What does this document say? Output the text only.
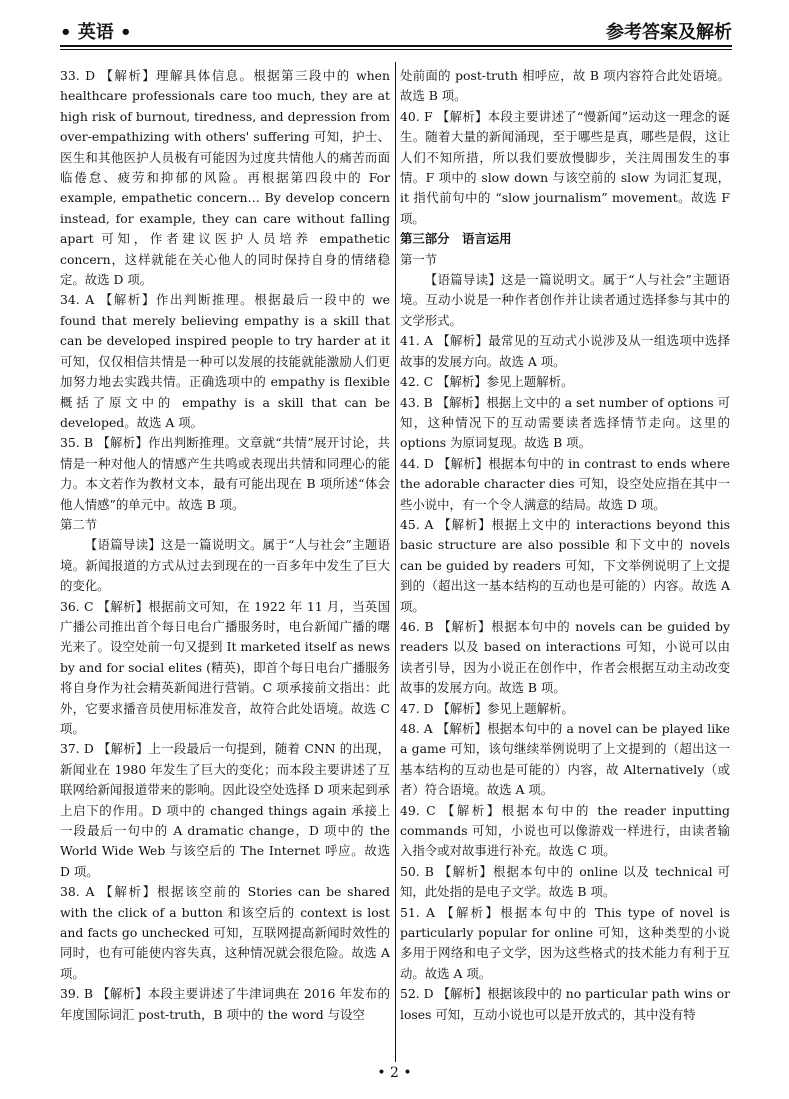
• 英语 •	参考答案及解析

33. D 【解析】理解具体信息。根据第三段中的 when healthcare professionals care too much, they are at high risk of burnout, tiredness, and depression from over-empathizing with others' suffering 可知，护士、医生和其他医护人员极有可能因为过度共情他人的痛苦而面临倦怠、疲劳和抑郁的风险。再根据第四段中的 For example, empathetic concern… By develop concern instead, for example, they can care without falling apart 可知，作者建议医护人员培养 empathetic concern，这样就能在关心他人的同时保持自身的情绪稳定。故选 D 项。

34. A 【解析】作出判断推理。根据最后一段中的 we found that merely believing empathy is a skill that can be developed inspired people to try harder at it 可知，仅仅相信共情是一种可以发展的技能就能激励人们更加努力地去实践共情。正确选项中的 empathy is flexible 概括了原文中的 empathy is a skill that can be developed。故选 A 项。

35. B 【解析】作出判断推理。文章就“共情”展开讨论，共情是一种对他人的情感产生共鸣或表现出共情和同理心的能力。本文若作为教材文本，最有可能出现在 B 项所述“体会他人情感”的单元中。故选 B 项。

第二节

【语篇导读】这是一篇说明文。属于“人与社会”主题语境。新闻报道的方式从过去到现在的一百多年中发生了巨大的变化。

36. C 【解析】根据前文可知，在 1922 年 11 月，当英国广播公司推出首个每日电台广播服务时，电台新闻广播的曙光来了。设空处前一句又提到 It marketed itself as news by and for social elites (精英)，即首个每日电台广播服务将自身作为社会精英新闻进行营销。C 项承接前文指出：此外，它要求播音员使用标准发音，故符合此处语境。故选 C 项。

37. D 【解析】上一段最后一句提到，随着 CNN 的出现，新闻业在 1980 年发生了巨大的变化；而本段主要讲述了互联网给新闻报道带来的影响。因此设空处选择 D 项来起到承上启下的作用。D 项中的 changed things again 承接上一段最后一句中的 A dramatic change，D 项中的 the World Wide Web 与该空后的 The Internet 呼应。故选 D 项。

38. A 【解析】根据该空前的 Stories can be shared with the click of a button 和该空后的 context is lost and facts go unchecked 可知，互联网提高新闻时效性的同时，也有可能使内容失真，这种情况就会很危险。故选 A 项。

39. B 【解析】本段主要讲述了牛津词典在 2016 年发布的年度国际词汇 post-truth，B 项中的 the word 与设空

处前面的 post-truth 相呼应，故 B 项内容符合此处语境。故选 B 项。

40. F 【解析】本段主要讲述了“慢新闻”运动这一理念的诞生。随着大量的新闻涌现，至于哪些是真，哪些是假，这让人们不知所措，所以我们要放慢脚步，关注周围发生的事情。F 项中的 slow down 与该空前的 slow 为词汇复现，it 指代前句中的 “slow journalism” movement。故选 F 项。

第三部分　语言运用

第一节

【语篇导读】这是一篇说明文。属于“人与社会”主题语境。互动小说是一种作者创作并让读者通过选择参与其中的文学形式。

41. A 【解析】最常见的互动式小说涉及从一组选项中选择故事的发展方向。故选 A 项。

42. C 【解析】参见上题解析。

43. B 【解析】根据上文中的 a set number of options 可知，这种情况下的互动需要读者选择情节走向。这里的 options 为原词复现。故选 B 项。

44. D 【解析】根据本句中的 in contrast to ends where the adorable character dies 可知，设空处应指在其中一些小说中，有一个令人满意的结局。故选 D 项。

45. A 【解析】根据上文中的 interactions beyond this basic structure are also possible 和下文中的 novels can be guided by readers 可知，下文举例说明了上文提到的（超出这一基本结构的互动也是可能的）内容。故选 A 项。

46. B 【解析】根据本句中的 novels can be guided by readers 以及 based on interactions 可知，小说可以由读者引导，因为小说正在创作中，作者会根据互动主动改变故事的发展方向。故选 B 项。

47. D 【解析】参见上题解析。

48. A 【解析】根据本句中的 a novel can be played like a game 可知，该句继续举例说明了上文提到的（超出这一基本结构的互动也是可能的）内容，故 Alternatively（或者）符合语境。故选 A 项。

49. C 【解析】根据本句中的 the reader inputting commands 可知，小说也可以像游戏一样进行，由读者输入指令或对故事进行补充。故选 C 项。

50. B 【解析】根据本句中的 online 以及 technical 可知，此处指的是电子文学。故选 B 项。

51. A 【解析】根据本句中的 This type of novel is particularly popular for online 可知，这种类型的小说多用于网络和电子文学，因为这些格式的技术能力有利于互动。故选 A 项。

52. D 【解析】根据该段中的 no particular path wins or loses 可知，互动小说也可以是开放式的，其中没有特

• 2 •
